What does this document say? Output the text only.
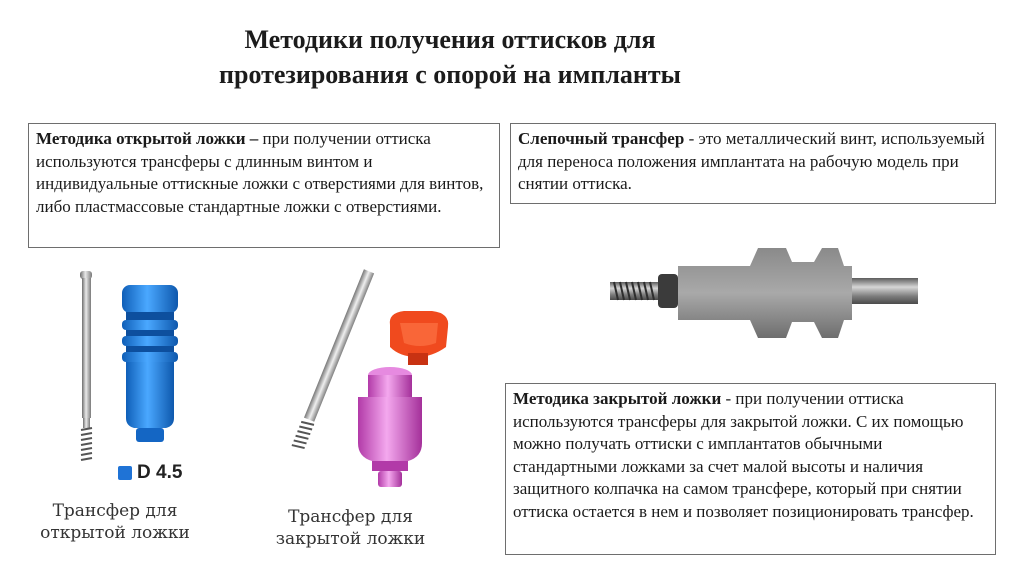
Методики получения оттисков для
протезирования с опорой на импланты
Методика открытой ложки – при получении оттиска используются трансферы с длинным винтом и индивидуальные оттискные ложки с отверстиями для винтов, либо пластмассовые стандартные ложки с отверстиями.
Слепочный трансфер - это металлический винт, используемый для переноса положения имплантата на рабочую модель при снятии оттиска.
Методика закрытой ложки - при получении оттиска используются трансферы для закрытой ложки. С их помощью можно получать оттиски с имплантатов обычными стандартными ложками за счет малой высоты и наличия защитного колпачка на самом трансфере, который при снятии оттиска остается в нем и позволяет позиционировать трансфер.
D 4.5
Трансфер для
открытой ложки
Трансфер для
закрытой ложки
